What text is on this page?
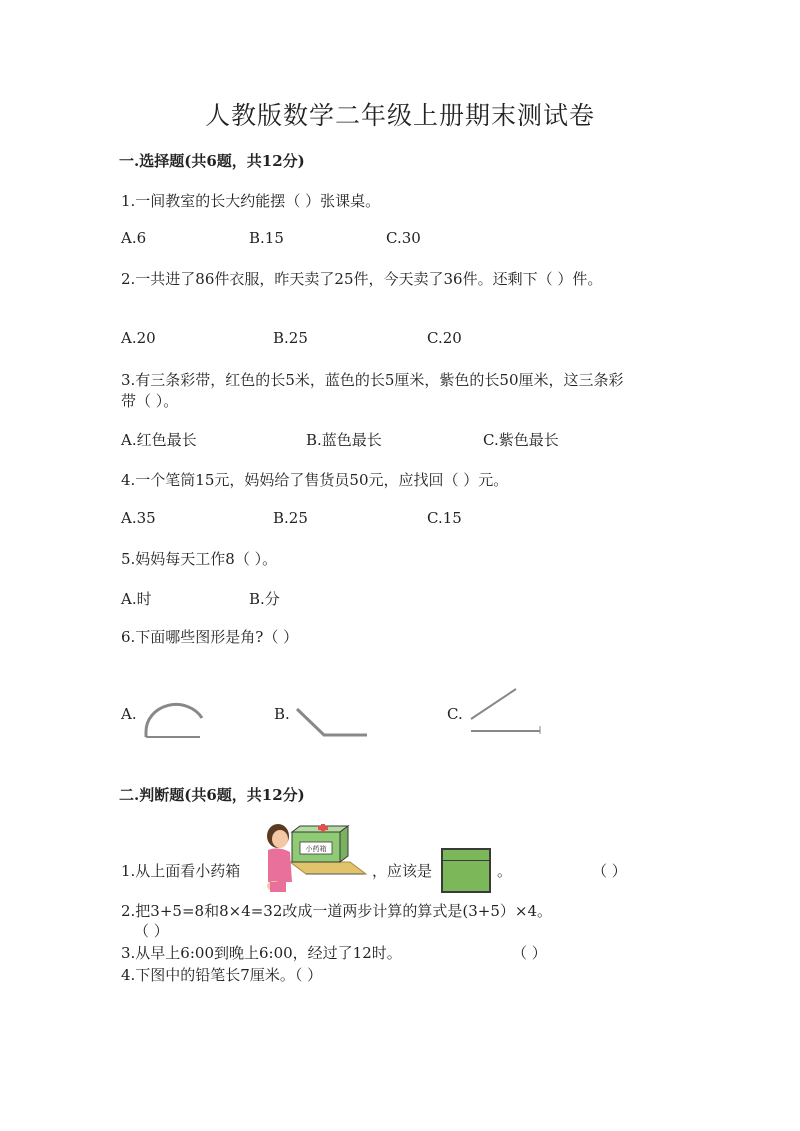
人教版数学二年级上册期末测试卷
一.选择题(共6题，共12分)
1.一间教室的长大约能摆（ ）张课桌。
A.6	B.15	C.30
2.一共进了86件衣服，昨天卖了25件，今天卖了36件。还剩下（ ）件。
A.20	B.25	C.20
3.有三条彩带，红色的长5米，蓝色的长5厘米，紫色的长50厘米，这三条彩
带（ ）。
A.红色最长	B.蓝色最长	C.紫色最长
4.一个笔筒15元，妈妈给了售货员50元，应找回（ ）元。
A.35	B.25	C.15
5.妈妈每天工作8（ ）。
A.时	B.分
6.下面哪些图形是角?（ ）
A.	B.	C.
二.判断题(共6题，共12分)
1.从上面看小药箱
小药箱
，应该是	。	（ ）
2.把3+5=8和8×4=32改成一道两步计算的算式是(3+5）×4。
（ ）
3.从早上6:00到晚上6:00，经过了12时。	（ ）
4.下图中的铅笔长7厘米。（ ）
